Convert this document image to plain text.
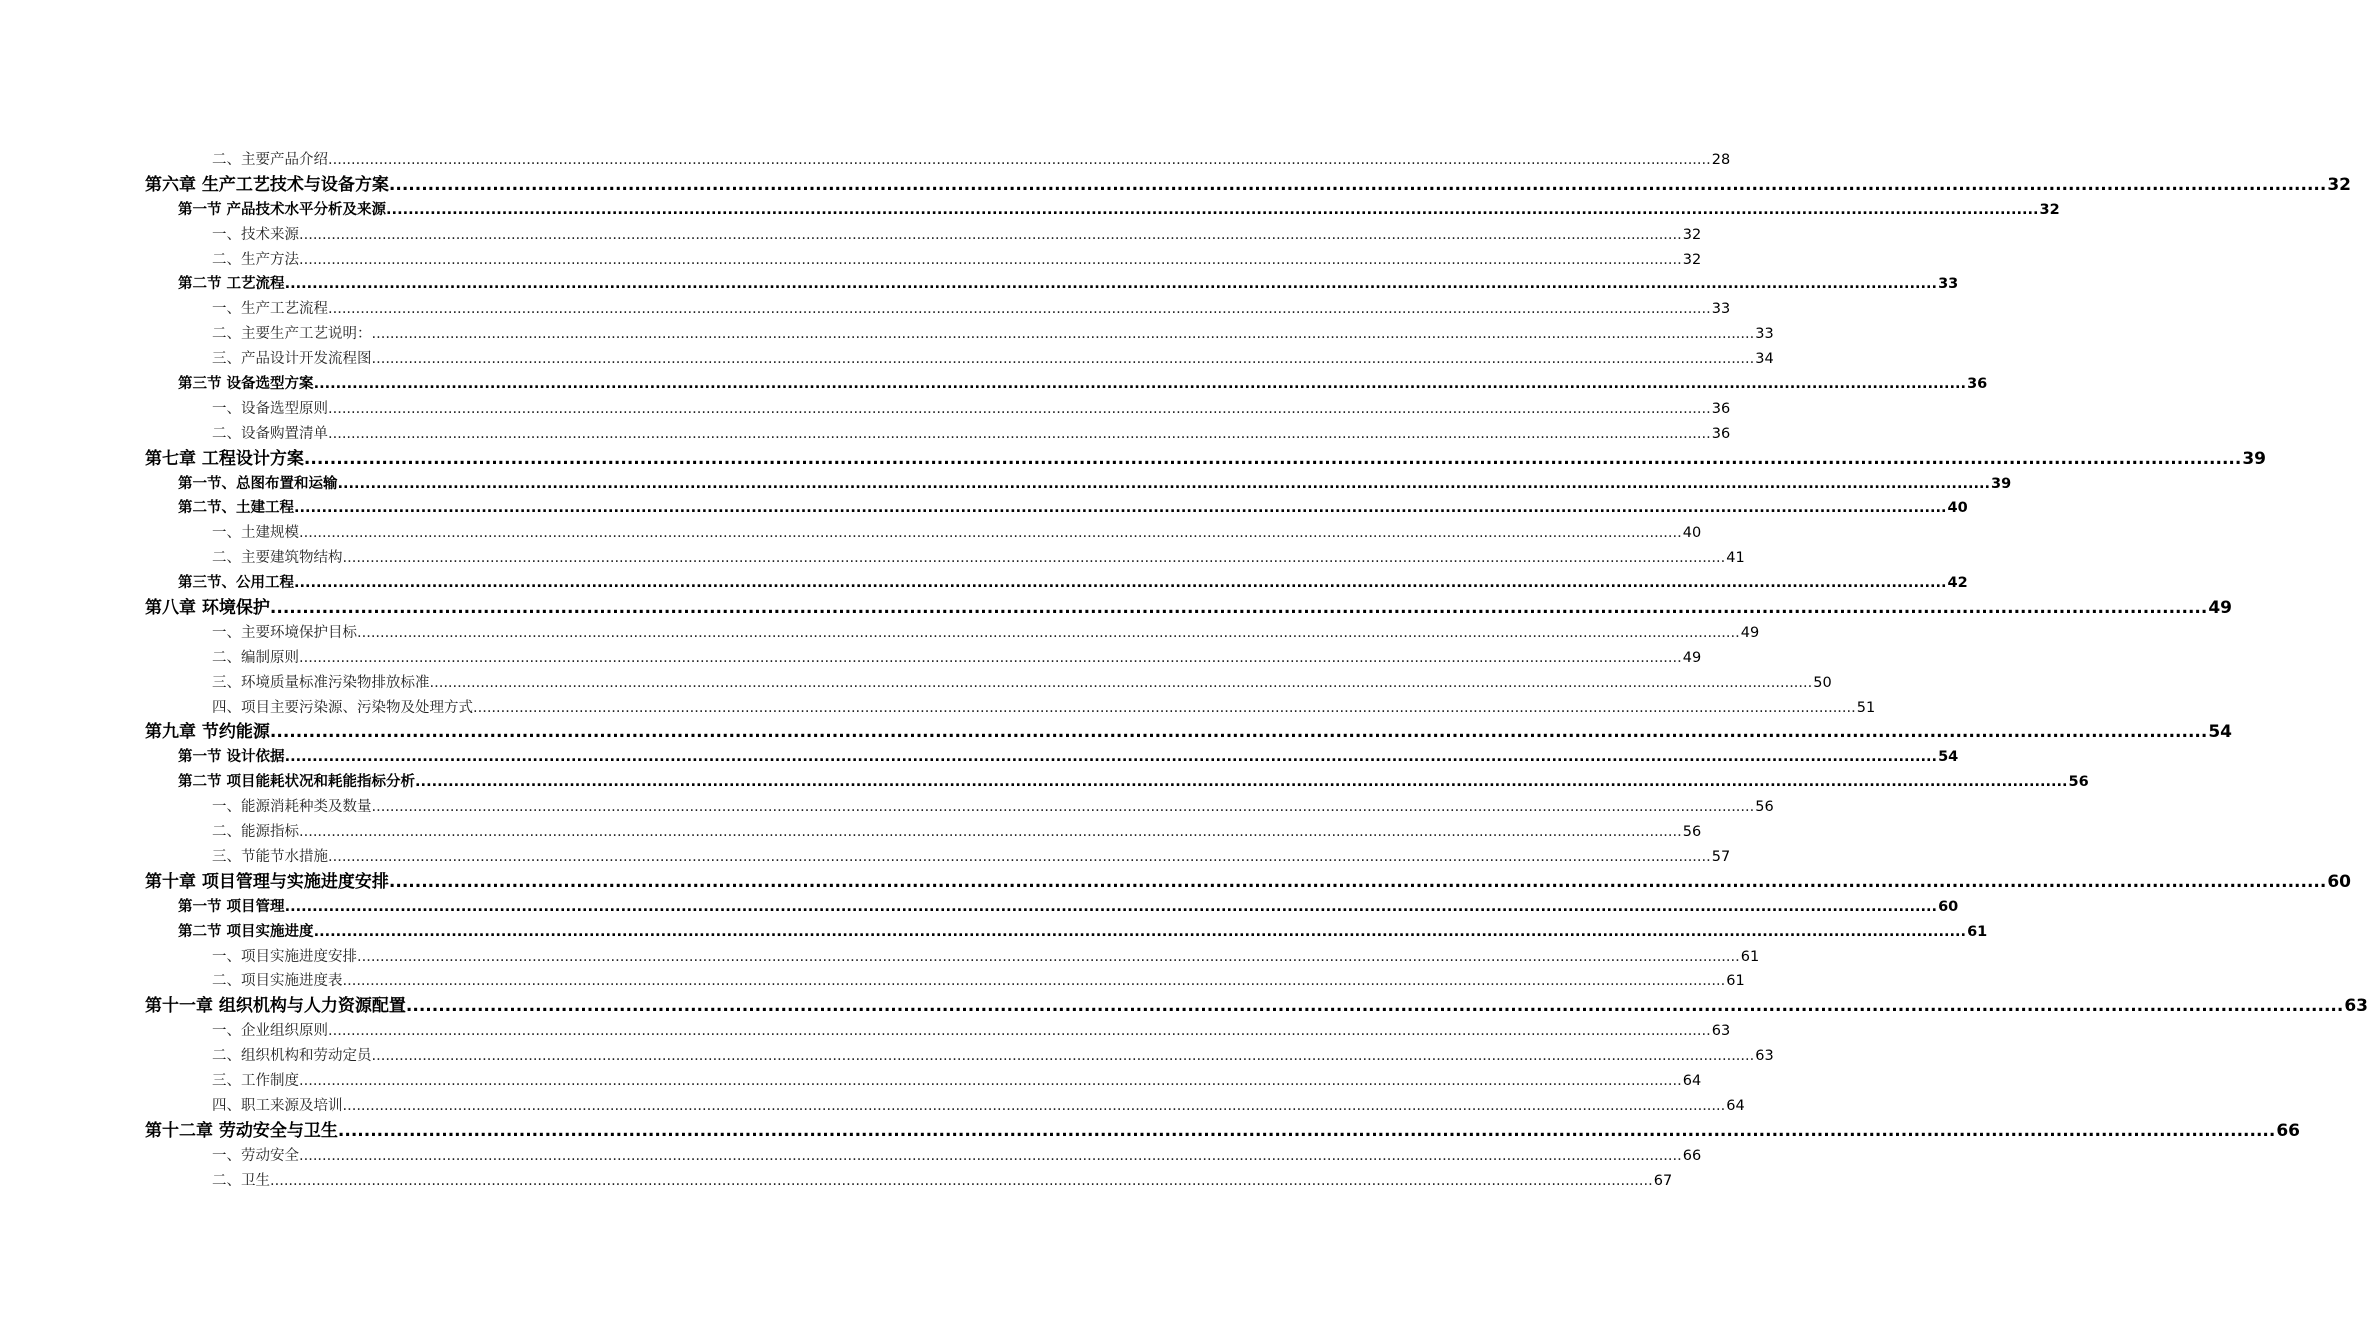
二、主要产品介绍 ............................................................................................................................................................................................................................................................................................................ 28
第六章 生产工艺技术与设备方案 ............................................................................................................................................................................................................................................................................................................ 32
第一节 产品技术水平分析及来源 ............................................................................................................................................................................................................................................................................................................ 32
一、技术来源 ............................................................................................................................................................................................................................................................................................................ 32
二、生产方法 ............................................................................................................................................................................................................................................................................................................ 32
第二节 工艺流程 ............................................................................................................................................................................................................................................................................................................ 33
一、生产工艺流程 ............................................................................................................................................................................................................................................................................................................ 33
二、主要生产工艺说明： ............................................................................................................................................................................................................................................................................................................ 33
三、产品设计开发流程图 ............................................................................................................................................................................................................................................................................................................ 34
第三节 设备选型方案 ............................................................................................................................................................................................................................................................................................................ 36
一、设备选型原则 ............................................................................................................................................................................................................................................................................................................ 36
二、设备购置清单 ............................................................................................................................................................................................................................................................................................................ 36
第七章 工程设计方案 ............................................................................................................................................................................................................................................................................................................ 39
第一节、总图布置和运输 ............................................................................................................................................................................................................................................................................................................ 39
第二节、土建工程 ............................................................................................................................................................................................................................................................................................................ 40
一、土建规模 ............................................................................................................................................................................................................................................................................................................ 40
二、主要建筑物结构 ............................................................................................................................................................................................................................................................................................................ 41
第三节、公用工程 ............................................................................................................................................................................................................................................................................................................ 42
第八章 环境保护 ............................................................................................................................................................................................................................................................................................................ 49
一、主要环境保护目标 ............................................................................................................................................................................................................................................................................................................ 49
二、编制原则 ............................................................................................................................................................................................................................................................................................................ 49
三、环境质量标准污染物排放标准 ............................................................................................................................................................................................................................................................................................................ 50
四、项目主要污染源、污染物及处理方式 ............................................................................................................................................................................................................................................................................................................ 51
第九章 节约能源 ............................................................................................................................................................................................................................................................................................................ 54
第一节 设计依据 ............................................................................................................................................................................................................................................................................................................ 54
第二节 项目能耗状况和耗能指标分析 ............................................................................................................................................................................................................................................................................................................ 56
一、能源消耗种类及数量 ............................................................................................................................................................................................................................................................................................................ 56
二、能源指标 ............................................................................................................................................................................................................................................................................................................ 56
三、节能节水措施 ............................................................................................................................................................................................................................................................................................................ 57
第十章 项目管理与实施进度安排 ............................................................................................................................................................................................................................................................................................................ 60
第一节 项目管理 ............................................................................................................................................................................................................................................................................................................ 60
第二节 项目实施进度 ............................................................................................................................................................................................................................................................................................................ 61
一、项目实施进度安排 ............................................................................................................................................................................................................................................................................................................ 61
二、项目实施进度表 ............................................................................................................................................................................................................................................................................................................ 61
第十一章 组织机构与人力资源配置 ............................................................................................................................................................................................................................................................................................................ 63
一、企业组织原则 ............................................................................................................................................................................................................................................................................................................ 63
二、组织机构和劳动定员 ............................................................................................................................................................................................................................................................................................................ 63
三、工作制度 ............................................................................................................................................................................................................................................................................................................ 64
四、职工来源及培训 ............................................................................................................................................................................................................................................................................................................ 64
第十二章 劳动安全与卫生 ............................................................................................................................................................................................................................................................................................................ 66
一、劳动安全 ............................................................................................................................................................................................................................................................................................................ 66
二、卫生 ............................................................................................................................................................................................................................................................................................................ 67
